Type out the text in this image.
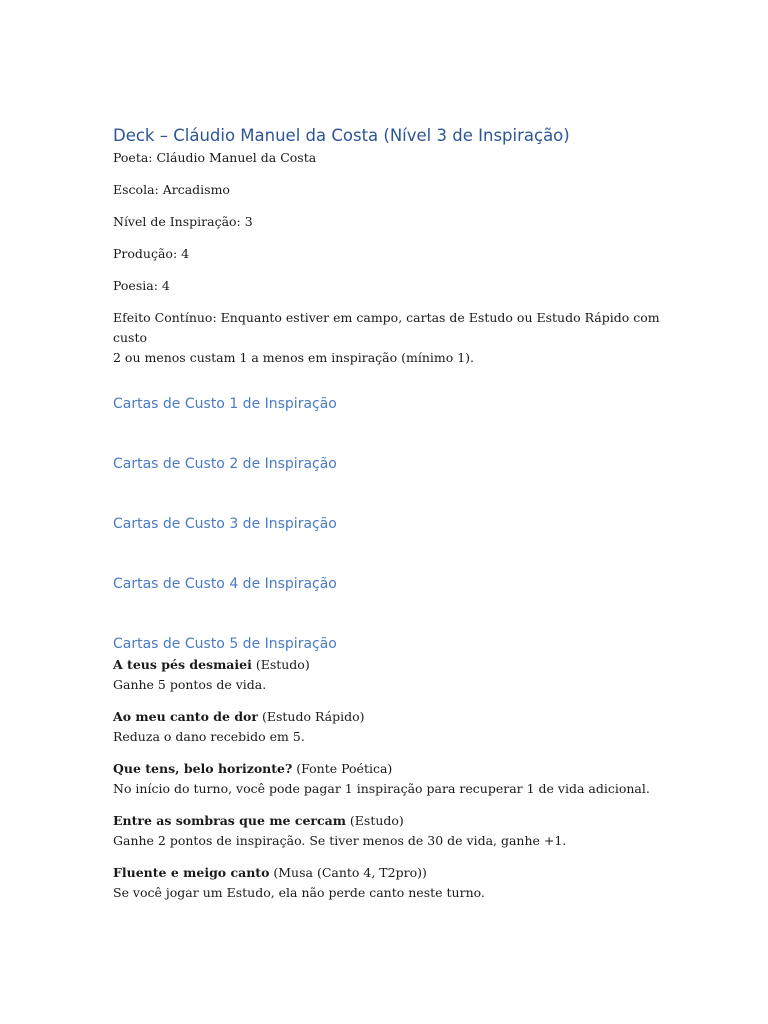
Deck – Cláudio Manuel da Costa (Nível 3 de Inspiração)

Poeta: Cláudio Manuel da Costa

Escola: Arcadismo

Nível de Inspiração: 3

Produção: 4

Poesia: 4

Efeito Contínuo: Enquanto estiver em campo, cartas de Estudo ou Estudo Rápido com custo
2 ou menos custam 1 a menos em inspiração (mínimo 1).

Cartas de Custo 1 de Inspiração
Cartas de Custo 2 de Inspiração
Cartas de Custo 3 de Inspiração
Cartas de Custo 4 de Inspiração
Cartas de Custo 5 de Inspiração

A teus pés desmaiei (Estudo)

Ganhe 5 pontos de vida.

Ao meu canto de dor (Estudo Rápido)

Reduza o dano recebido em 5.

Que tens, belo horizonte? (Fonte Poética)

No início do turno, você pode pagar 1 inspiração para recuperar 1 de vida adicional.

Entre as sombras que me cercam (Estudo)

Ganhe 2 pontos de inspiração. Se tiver menos de 30 de vida, ganhe +1.

Fluente e meigo canto (Musa (Canto 4, T2pro))

Se você jogar um Estudo, ela não perde canto neste turno.
